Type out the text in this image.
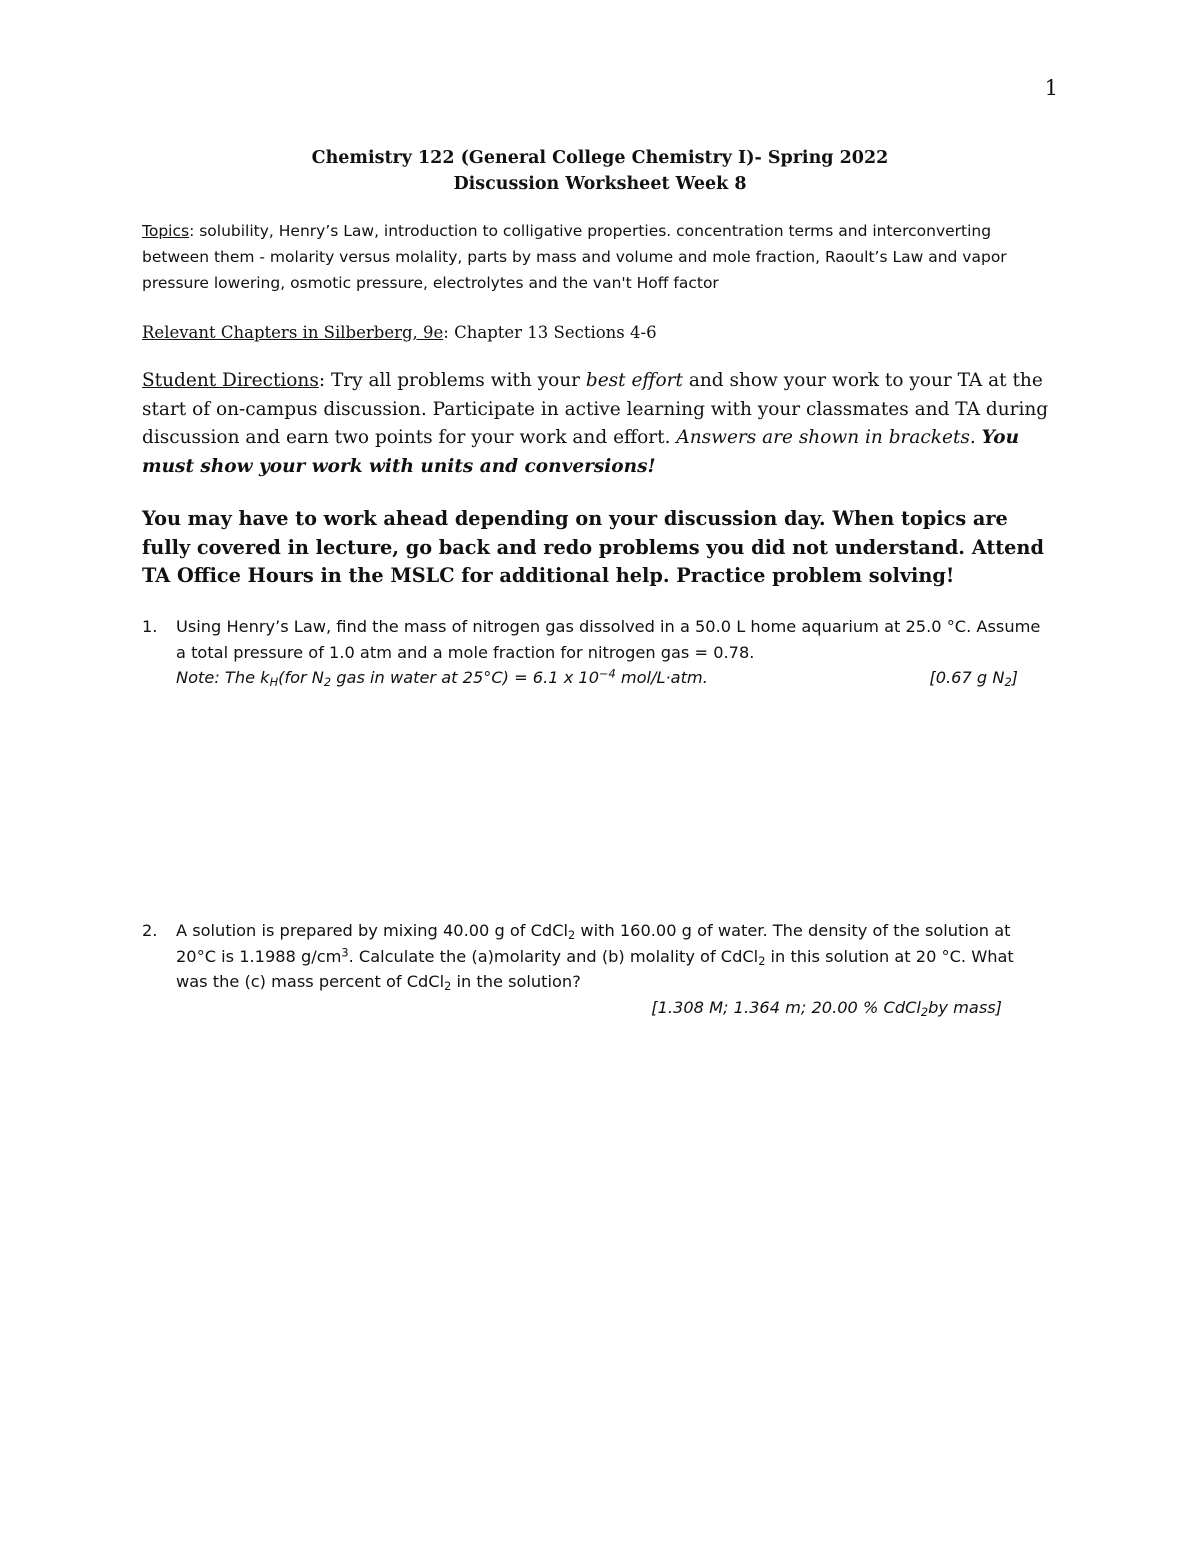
1
Chemistry 122 (General College Chemistry I)- Spring 2022
Discussion Worksheet Week 8
Topics: solubility, Henry’s Law, introduction to colligative properties. concentration terms and interconverting between them - molarity versus molality, parts by mass and volume and mole fraction, Raoult’s Law and vapor pressure lowering, osmotic pressure, electrolytes and the van't Hoff factor
Relevant Chapters in Silberberg, 9e: Chapter 13 Sections 4-6
Student Directions: Try all problems with your best effort and show your work to your TA at the start of on-campus discussion. Participate in active learning with your classmates and TA during discussion and earn two points for your work and effort. Answers are shown in brackets. You must show your work with units and conversions!
You may have to work ahead depending on your discussion day. When topics are fully covered in lecture, go back and redo problems you did not understand. Attend TA Office Hours in the MSLC for additional help. Practice problem solving!
1.	Using Henry’s Law, find the mass of nitrogen gas dissolved in a 50.0 L home aquarium at 25.0 °C. Assume a total pressure of 1.0 atm and a mole fraction for nitrogen gas = 0.78.
Note: The $k_H(for$ $N_2$ gas in water at 25°C) = 6.1 x $10^{-4}$ mol/L·atm.	[0.67 g $N_2$]
2.	A solution is prepared by mixing 40.00 g of CdCl$_2$ with 160.00 g of water. The density of the solution at 20°C is 1.1988 $g/cm^3$. Calculate the (a)molarity and (b) molality of CdCl$_2$ in this solution at 20 °C. What was the (c) mass percent of CdCl$_2$ in the solution?
[1.308 M; 1.364 m; 20.00 % CdCl$_2$by mass]
